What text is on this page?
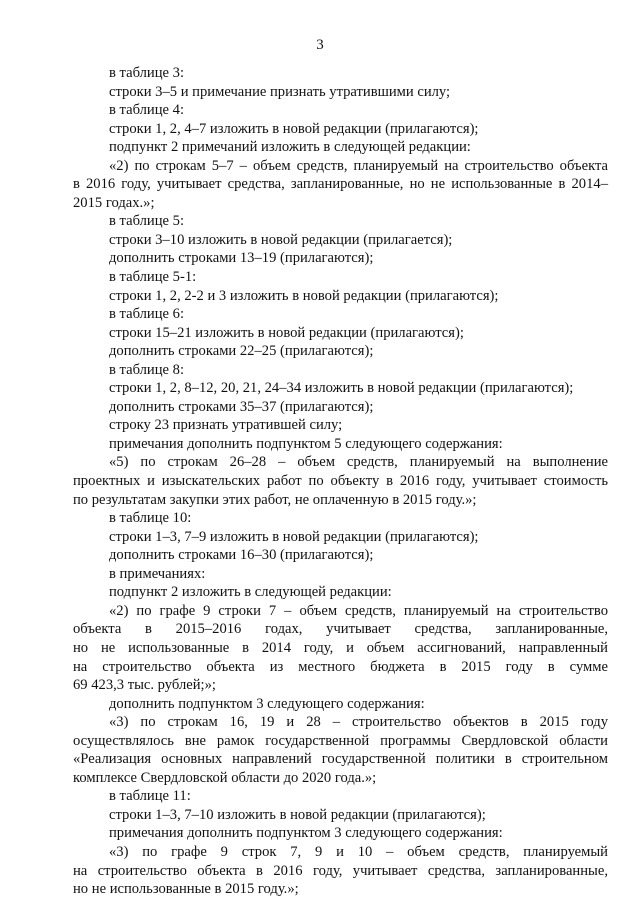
3

в таблице 3:

строки 3–5 и примечание признать утратившими силу;

в таблице 4:

строки 1, 2, 4–7 изложить в новой редакции (прилагаются);

подпункт 2 примечаний изложить в следующей редакции:

«2) по строкам 5–7 – объем средств, планируемый на строительство объекта
в 2016 году, учитывает средства, запланированные, но не использованные в 2014–
2015 годах.»;

в таблице 5:

строки 3–10 изложить в новой редакции (прилагается);

дополнить строками 13–19 (прилагаются);

в таблице 5-1:

строки 1, 2, 2-2 и 3 изложить в новой редакции (прилагаются);

в таблице 6:

строки 15–21 изложить в новой редакции (прилагаются);

дополнить строками 22–25 (прилагаются);

в таблице 8:

строки 1, 2, 8–12, 20, 21, 24–34 изложить в новой редакции (прилагаются);

дополнить строками 35–37 (прилагаются);

строку 23 признать утратившей силу;

примечания дополнить подпунктом 5 следующего содержания:

«5) по строкам 26–28 – объем средств, планируемый на выполнение
проектных и изыскательских работ по объекту в 2016 году, учитывает стоимость
по результатам закупки этих работ, не оплаченную в 2015 году.»;

в таблице 10:

строки 1–3, 7–9 изложить в новой редакции (прилагаются);

дополнить строками 16–30 (прилагаются);

в примечаниях:

подпункт 2 изложить в следующей редакции:

«2) по графе 9 строки 7 – объем средств, планируемый на строительство
объекта в 2015–2016 годах, учитывает средства, запланированные,
но не использованные в 2014 году, и объем ассигнований, направленный
на строительство объекта из местного бюджета в 2015 году в сумме
69 423,3 тыс. рублей;»;

дополнить подпунктом 3 следующего содержания:

«3) по строкам 16, 19 и 28 – строительство объектов в 2015 году
осуществлялось вне рамок государственной программы Свердловской области
«Реализация основных направлений государственной политики в строительном
комплексе Свердловской области до 2020 года.»;

в таблице 11:

строки 1–3, 7–10 изложить в новой редакции (прилагаются);

примечания дополнить подпунктом 3 следующего содержания:

«3) по графе 9 строк 7, 9 и 10 – объем средств, планируемый
на строительство объекта в 2016 году, учитывает средства, запланированные,
но не использованные в 2015 году.»;
